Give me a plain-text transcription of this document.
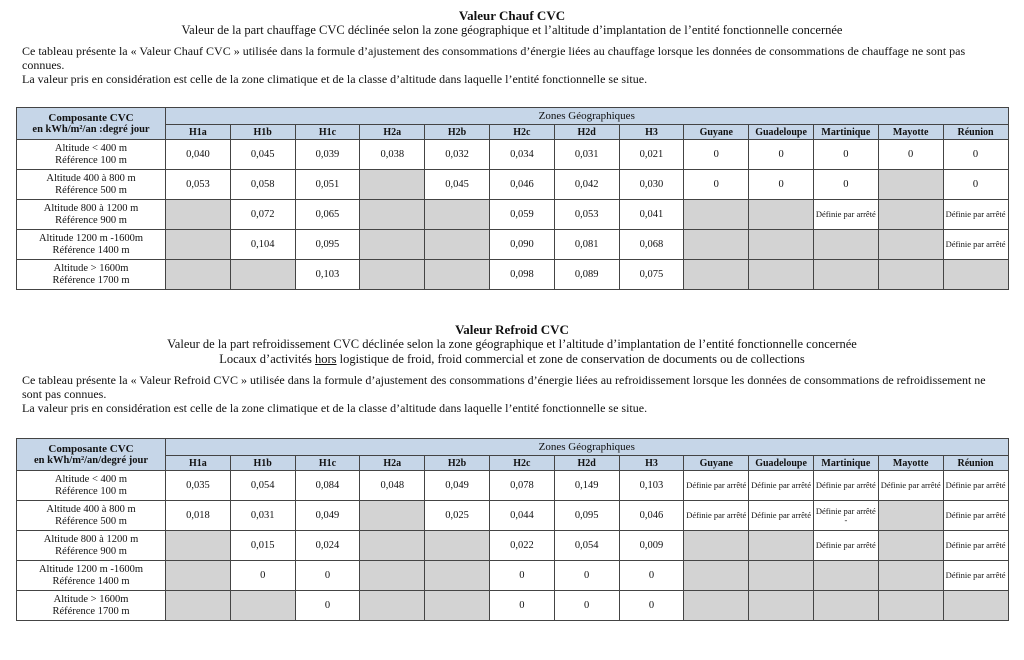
Valeur Chauf CVC
Valeur de la part chauffage CVC déclinée selon la zone géographique et l’altitude d’implantation de l’entité fonctionnelle concernée

Ce tableau présente la « Valeur Chauf CVC » utilisée dans la formule d’ajustement des consommations d’énergie liées au chauffage lorsque les données de consommations de chauffage ne sont pas connues.

La valeur pris en considération est celle de la zone climatique et de la classe d’altitude dans laquelle l’entité fonctionnelle se situe.

Composante CVC
en kWh/m²/an :degré jour	Zones Géographiques												
	H1a	H1b	H1c	H2a	H2b	H2c	H2d	H3	Guyane	Guadeloupe	Martinique	Mayotte	Réunion

Altitude < 400 m
Référence 100 m	0,040	0,045	0,039	0,038	0,032	0,034	0,031	0,021	0	0	0	0	0

Altitude 400 à 800 m
Référence 500 m	0,053	0,058	0,051		0,045	0,046	0,042	0,030	0	0	0		0

Altitude 800 à 1200 m
Référence 900 m		0,072	0,065			0,059	0,053	0,041			Définie par arrêté		Définie par arrêté

Altitude 1200 m -1600m
Référence 1400 m		0,104	0,095			0,090	0,081	0,068					Définie par arrêté

Altitude > 1600m
Référence 1700 m			0,103			0,098	0,089	0,075					
Valeur Refroid CVC
Valeur de la part refroidissement CVC déclinée selon la zone géographique et l’altitude d’implantation de l’entité fonctionnelle concernée
Locaux d’activités hors logistique de froid, froid commercial et zone de conservation de documents ou de collections

Ce tableau présente la « Valeur Refroid CVC » utilisée dans la formule d’ajustement des consommations d’énergie liées au refroidissement lorsque les données de consommations de refroidissement ne sont pas connues.

La valeur pris en considération est celle de la zone climatique et de la classe d’altitude dans laquelle l’entité fonctionnelle se situe.

Composante CVC
en kWh/m²/an/degré jour	Zones Géographiques												
	H1a	H1b	H1c	H2a	H2b	H2c	H2d	H3	Guyane	Guadeloupe	Martinique	Mayotte	Réunion

Altitude < 400 m
Référence 100 m	0,035	0,054	0,084	0,048	0,049	0,078	0,149	0,103	Définie par arrêté	Définie par arrêté	Définie par arrêté	Définie par arrêté	Définie par arrêté

Altitude 400 à 800 m
Référence 500 m	0,018	0,031	0,049		0,025	0,044	0,095	0,046	Définie par arrêté	Définie par arrêté	Définie par arrêté -		Définie par arrêté

Altitude 800 à 1200 m
Référence 900 m		0,015	0,024			0,022	0,054	0,009			Définie par arrêté		Définie par arrêté

Altitude 1200 m -1600m
Référence 1400 m		0	0			0	0	0					Définie par arrêté

Altitude > 1600m
Référence 1700 m			0			0	0	0					
